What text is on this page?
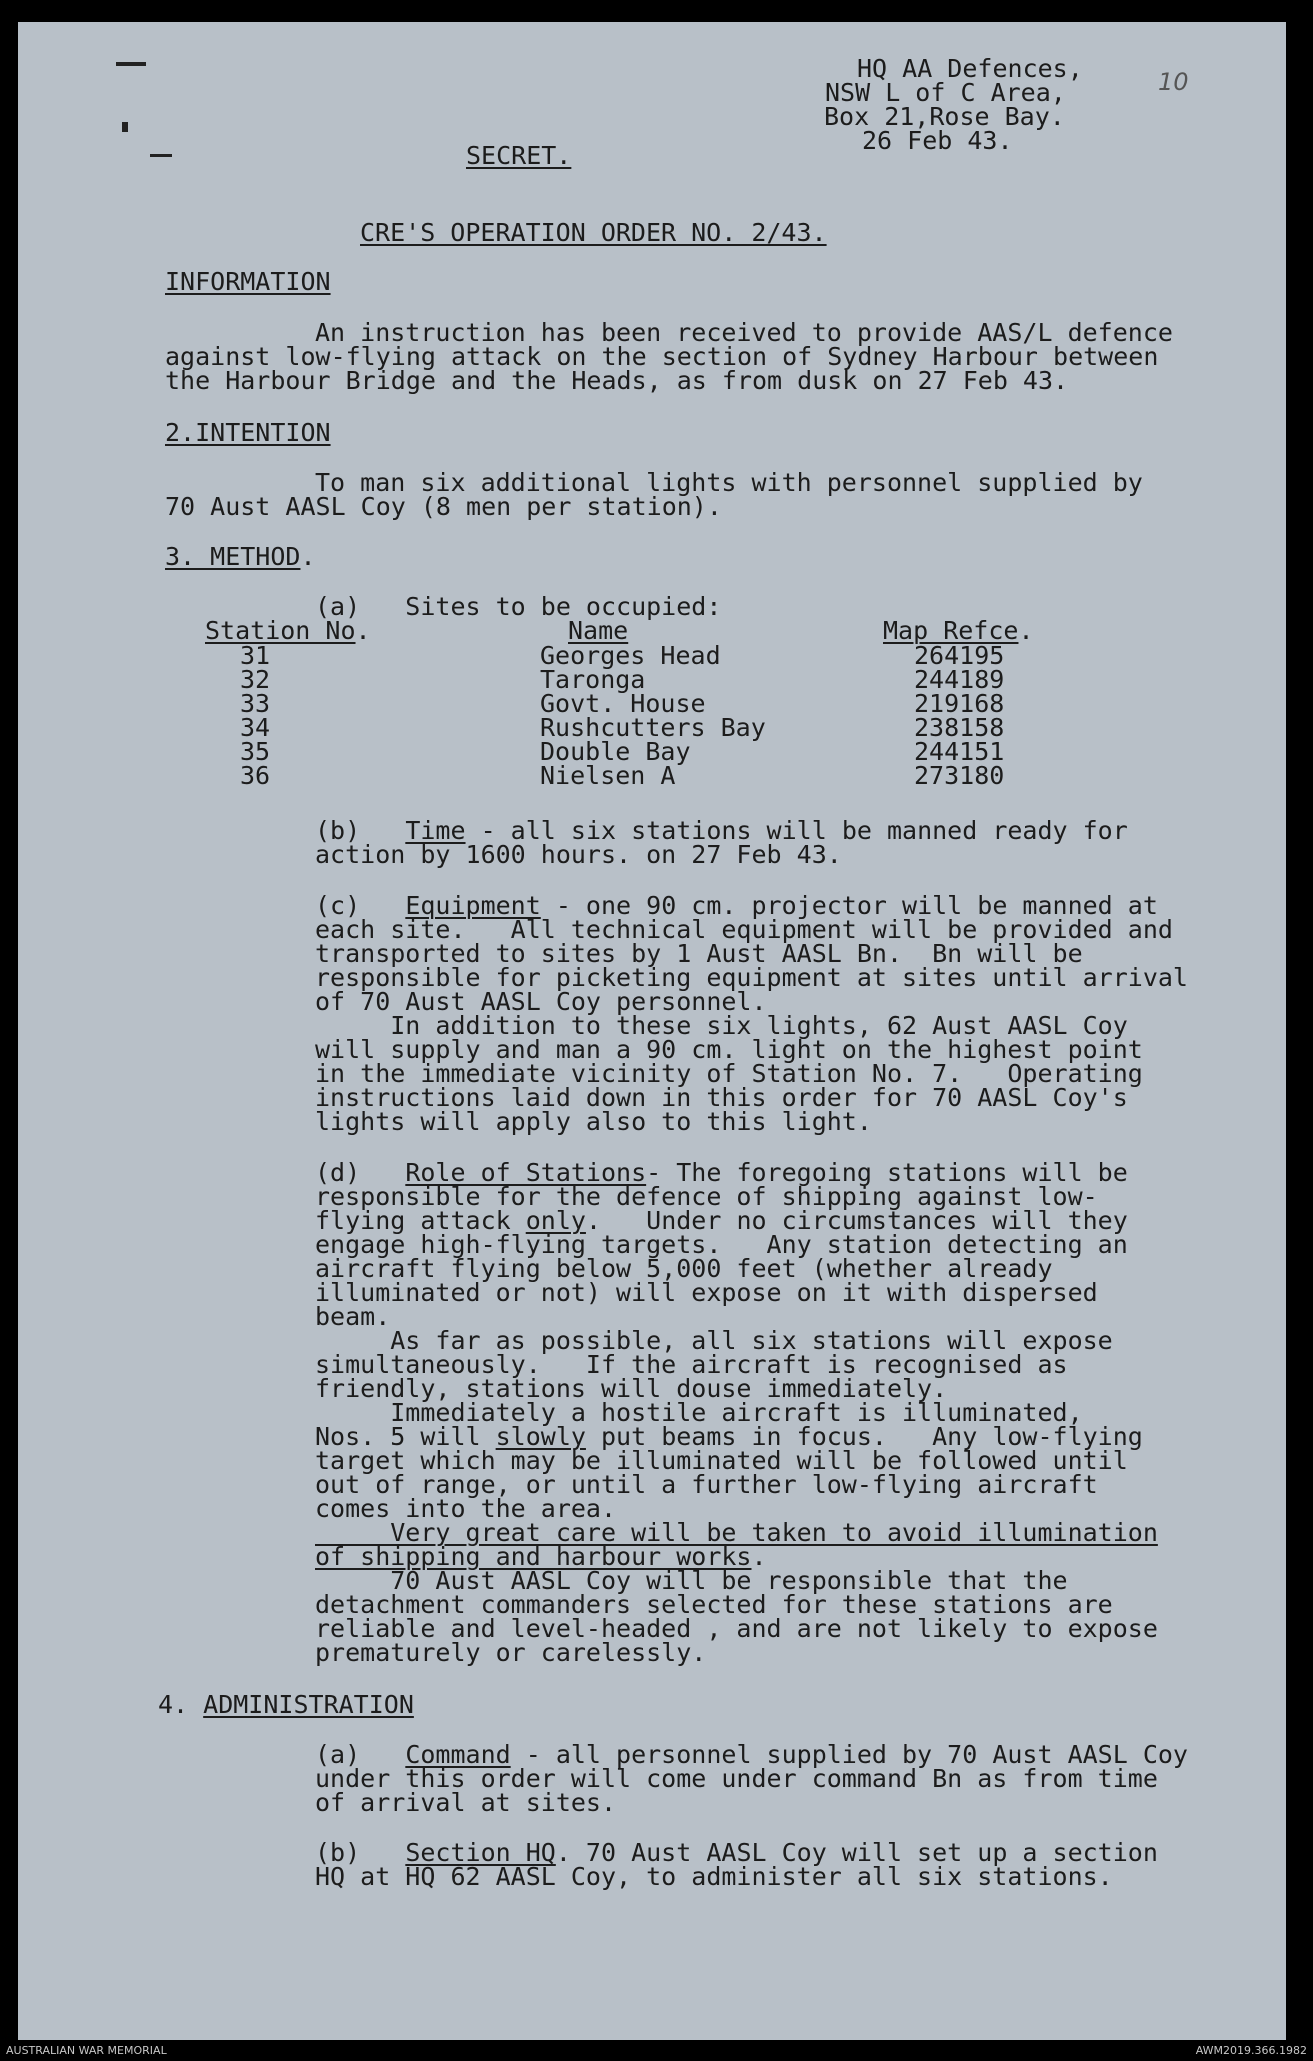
HQ AA Defences,
NSW L of C Area,
Box 21,Rose Bay.
26 Feb 43.
10
SECRET.
CRE'S OPERATION ORDER NO. 2/43.
INFORMATION
An instruction has been received to provide AAS/L defence
against low-flying attack on the section of Sydney Harbour between
the Harbour Bridge and the Heads, as from dusk on 27 Feb 43.
2.INTENTION
To man six additional lights with personnel supplied by
70 Aust AASL Coy (8 men per station).
3. METHOD.
(a)   Sites to be occupied:
Station No.	Name	Map Refce.
31	Georges Head	264195
32	Taronga	244189
33	Govt. House	219168
34	Rushcutters Bay	238158
35	Double Bay	244151
36	Nielsen A	273180
(b) Time - all six stations will be manned ready for
action by 1600 hours. on 27 Feb 43.
(c) Equipment - one 90 cm. projector will be manned at
each site.   All technical equipment will be provided and
transported to sites by 1 Aust AASL Bn.  Bn will be
responsible for picketing equipment at sites until arrival
of 70 Aust AASL Coy personnel.
In addition to these six lights, 62 Aust AASL Coy
will supply and man a 90 cm. light on the highest point
in the immediate vicinity of Station No. 7.   Operating
instructions laid down in this order for 70 AASL Coy's
lights will apply also to this light.
(d) Role of Stations- The foregoing stations will be
responsible for the defence of shipping against low-
flying attack only.   Under no circumstances will they
engage high-flying targets.   Any station detecting an
aircraft flying below 5,000 feet (whether already
illuminated or not) will expose on it with dispersed
beam.
As far as possible, all six stations will expose
simultaneously.   If the aircraft is recognised as
friendly, stations will douse immediately.
Immediately a hostile aircraft is illuminated,
Nos. 5 will slowly put beams in focus.   Any low-flying
target which may be illuminated will be followed until
out of range, or until a further low-flying aircraft
comes into the area.
Very great care will be taken to avoid illumination
of shipping and harbour works.
70 Aust AASL Coy will be responsible that the
detachment commanders selected for these stations are
reliable and level-headed , and are not likely to expose
prematurely or carelessly.
4. ADMINISTRATION
(a) Command - all personnel supplied by 70 Aust AASL Coy
under this order will come under command Bn as from time
of arrival at sites.
(b) Section HQ. 70 Aust AASL Coy will set up a section
HQ at HQ 62 AASL Coy, to administer all six stations.
AUSTRALIAN WAR MEMORIAL	AWM2019.366.1982
